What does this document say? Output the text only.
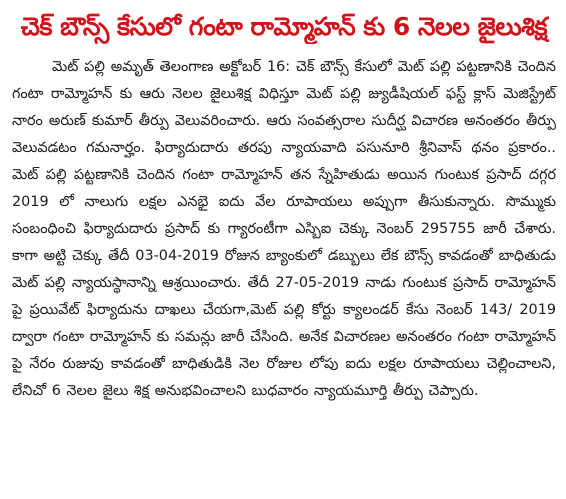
చెక్ బౌన్స్ కేసులో గంటా రామ్మోహన్ కు 6 నెలల జైలుశిక్ష

మెట్ పల్లి అమృత్ తెలంగాణ అక్టోబర్ 16: చెక్ బౌన్స్ కేసులో మెట్ పల్లి పట్టణానికి చెందిన గంటా రామ్మోహన్ కు ఆరు నెలల జైలుశిక్ష విధిస్తూ మెట్ పల్లి జ్యుడీషియల్ ఫస్ట్ క్లాస్ మెజిస్ట్రేట్ నారం అరుణ్ కుమార్ తీర్పు వెలువరించారు. ఆరు సంవత్సరాల సుదీర్ఘ విచారణ అనంతరం తీర్పు వెలువడటం గమనార్హం. ఫిర్యాదుదారు తరపు న్యాయవాది పసునూరి శ్రీనివాస్ థనం ప్రకారం.. మెట్ పల్లి పట్టణానికి చెందిన గంటా రామ్మోహన్ తన స్నేహితుడు అయిన గుంటుక ప్రసాద్ దగ్గర 2019 లో నాలుగు లక్షల ఎనభై ఐదు వేల రూపాయలు అప్పుగా తీసుకున్నారు. సొమ్ముకు సంబంధించి ఫిర్యాదుదారు ప్రసాద్ కు గ్యారంటీగా ఎస్బిఐ చెక్కు నెంబర్ 295755 జారీ చేశారు. కాగా అట్టి చెక్కు తేదీ 03-04-2019 రోజున బ్యాంకులో డబ్బులు లేక బౌన్స్ కావడంతో బాధితుడు మెట్ పల్లి న్యాయస్థానాన్ని ఆశ్రయించారు. తేదీ 27-05-2019 నాడు గుంటుక ప్రసాద్ రామ్మోహన్ పై ప్రయివేట్ ఫిర్యాదును దాఖలు చేయగా,మెట్ పల్లి కోర్టు క్యాలండర్ కేసు నెంబర్ 143/ 2019 ద్వారా గంటా రామ్మోహన్ కు సమన్లు జారీ చేసింది. అనేక విచారణల అనంతరం గంటా రామ్మోహన్ పై నేరం రుజువు కావడంతో బాధితుడికి నెల రోజుల లోపు ఐదు లక్షల రూపాయలు చెల్లించాలని, లేనిచో 6 నెలల జైలు శిక్ష అనుభవించాలని బుధవారం న్యాయమూర్తి తీర్పు చెప్పారు.
